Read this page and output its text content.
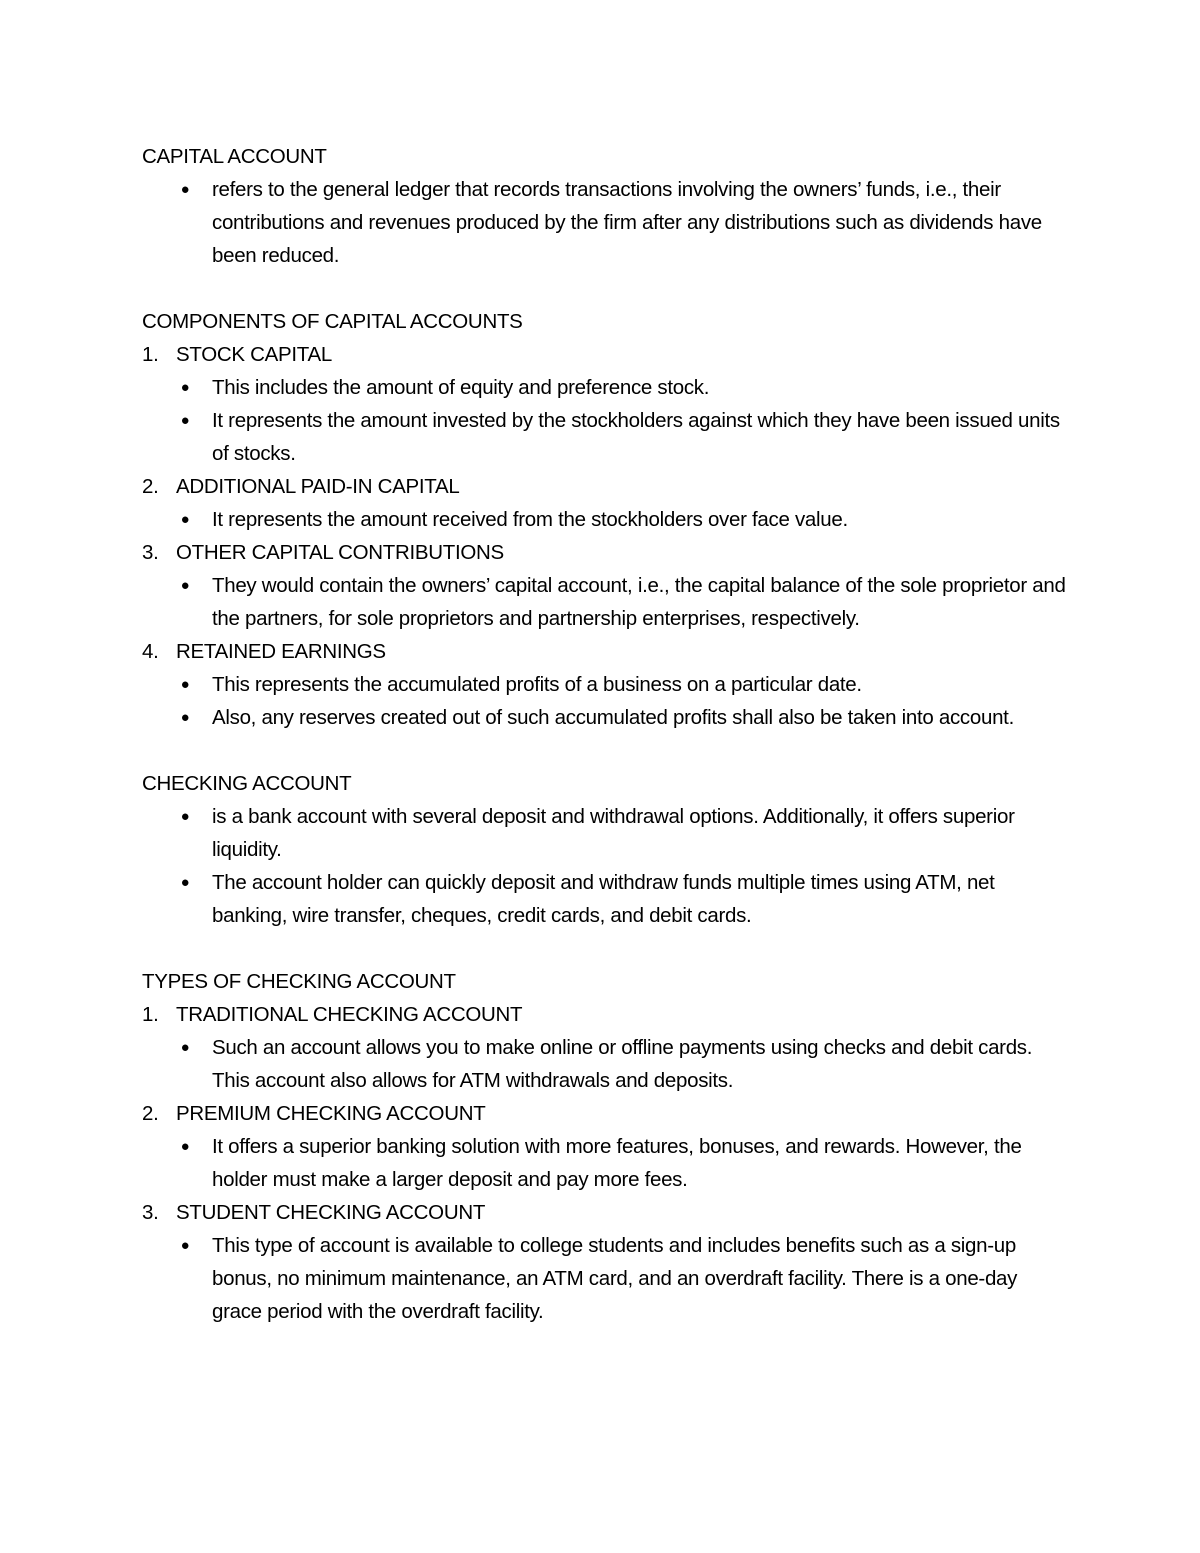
CAPITAL ACCOUNT
● refers to the general ledger that records transactions involving the owners’ funds, i.e., their contributions and revenues produced by the firm after any distributions such as dividends have been reduced.
COMPONENTS OF CAPITAL ACCOUNTS
1. STOCK CAPITAL
● This includes the amount of equity and preference stock.
● It represents the amount invested by the stockholders against which they have been issued units of stocks.
2. ADDITIONAL PAID-IN CAPITAL
● It represents the amount received from the stockholders over face value.
3. OTHER CAPITAL CONTRIBUTIONS
● They would contain the owners’ capital account, i.e., the capital balance of the sole proprietor and the partners, for sole proprietors and partnership enterprises, respectively.
4. RETAINED EARNINGS
● This represents the accumulated profits of a business on a particular date.
● Also, any reserves created out of such accumulated profits shall also be taken into account.
CHECKING ACCOUNT
● is a bank account with several deposit and withdrawal options. Additionally, it offers superior liquidity.
● The account holder can quickly deposit and withdraw funds multiple times using ATM, net banking, wire transfer, cheques, credit cards, and debit cards.
TYPES OF CHECKING ACCOUNT
1. TRADITIONAL CHECKING ACCOUNT
● Such an account allows you to make online or offline payments using checks and debit cards. This account also allows for ATM withdrawals and deposits.
2. PREMIUM CHECKING ACCOUNT
● It offers a superior banking solution with more features, bonuses, and rewards. However, the holder must make a larger deposit and pay more fees.
3. STUDENT CHECKING ACCOUNT
● This type of account is available to college students and includes benefits such as a sign-up bonus, no minimum maintenance, an ATM card, and an overdraft facility. There is a one-day grace period with the overdraft facility.
